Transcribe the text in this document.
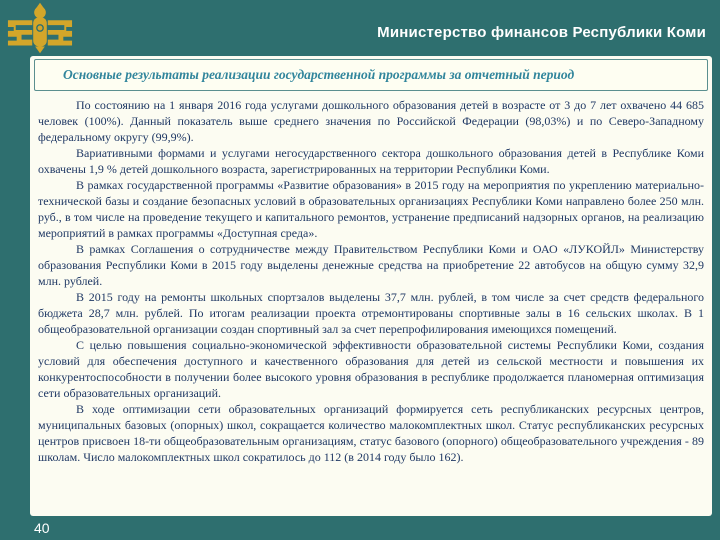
Министерство финансов Республики Коми
Основные результаты реализации государственной программы за отчетный период

По состоянию на 1 января 2016 года услугами дошкольного образования детей в возрасте от 3 до 7 лет охвачено 44 685 человек (100%). Данный показатель выше среднего значения по Российской Федерации (98,03%) и по Северо-Западному федеральному округу (99,9%).

Вариативными формами и услугами негосударственного сектора дошкольного образования детей в Республике Коми охвачены 1,9 % детей дошкольного возраста, зарегистрированных на территории Республики Коми.

В рамках государственной программы «Развитие образования» в 2015 году на мероприятия по укреплению материально-технической базы и создание безопасных условий в образовательных организациях Республики Коми направлено более 250 млн. руб., в том числе на проведение текущего и капитального ремонтов, устранение предписаний надзорных органов, на реализацию мероприятий в рамках программы «Доступная среда».

В рамках Соглашения о сотрудничестве между Правительством Республики Коми и ОАО «ЛУКОЙЛ» Министерству образования Республики Коми в 2015 году выделены денежные средства на приобретение 22 автобусов на общую сумму 32,9 млн. рублей.

В 2015 году на ремонты школьных спортзалов выделены 37,7 млн. рублей, в том числе за счет средств федерального бюджета 28,7 млн. рублей. По итогам реализации проекта отремонтированы спортивные залы в 16 сельских школах. В 1 общеобразовательной организации создан спортивный зал за счет перепрофилирования имеющихся помещений.

С целью повышения социально-экономической эффективности образовательной системы Республики Коми, создания условий для обеспечения доступного и качественного образования для детей из сельской местности и повышения их конкурентоспособности в получении более высокого уровня образования в республике продолжается планомерная оптимизация сети образовательных организаций.

В ходе оптимизации сети образовательных организаций формируется сеть республиканских ресурсных центров, муниципальных базовых (опорных) школ, сокращается количество малокомплектных школ. Статус республиканских ресурсных центров присвоен 18-ти общеобразовательным организациям, статус базового (опорного) общеобразовательного учреждения - 89 школам. Число малокомплектных школ сократилось до 112 (в 2014 году было 162).

40
